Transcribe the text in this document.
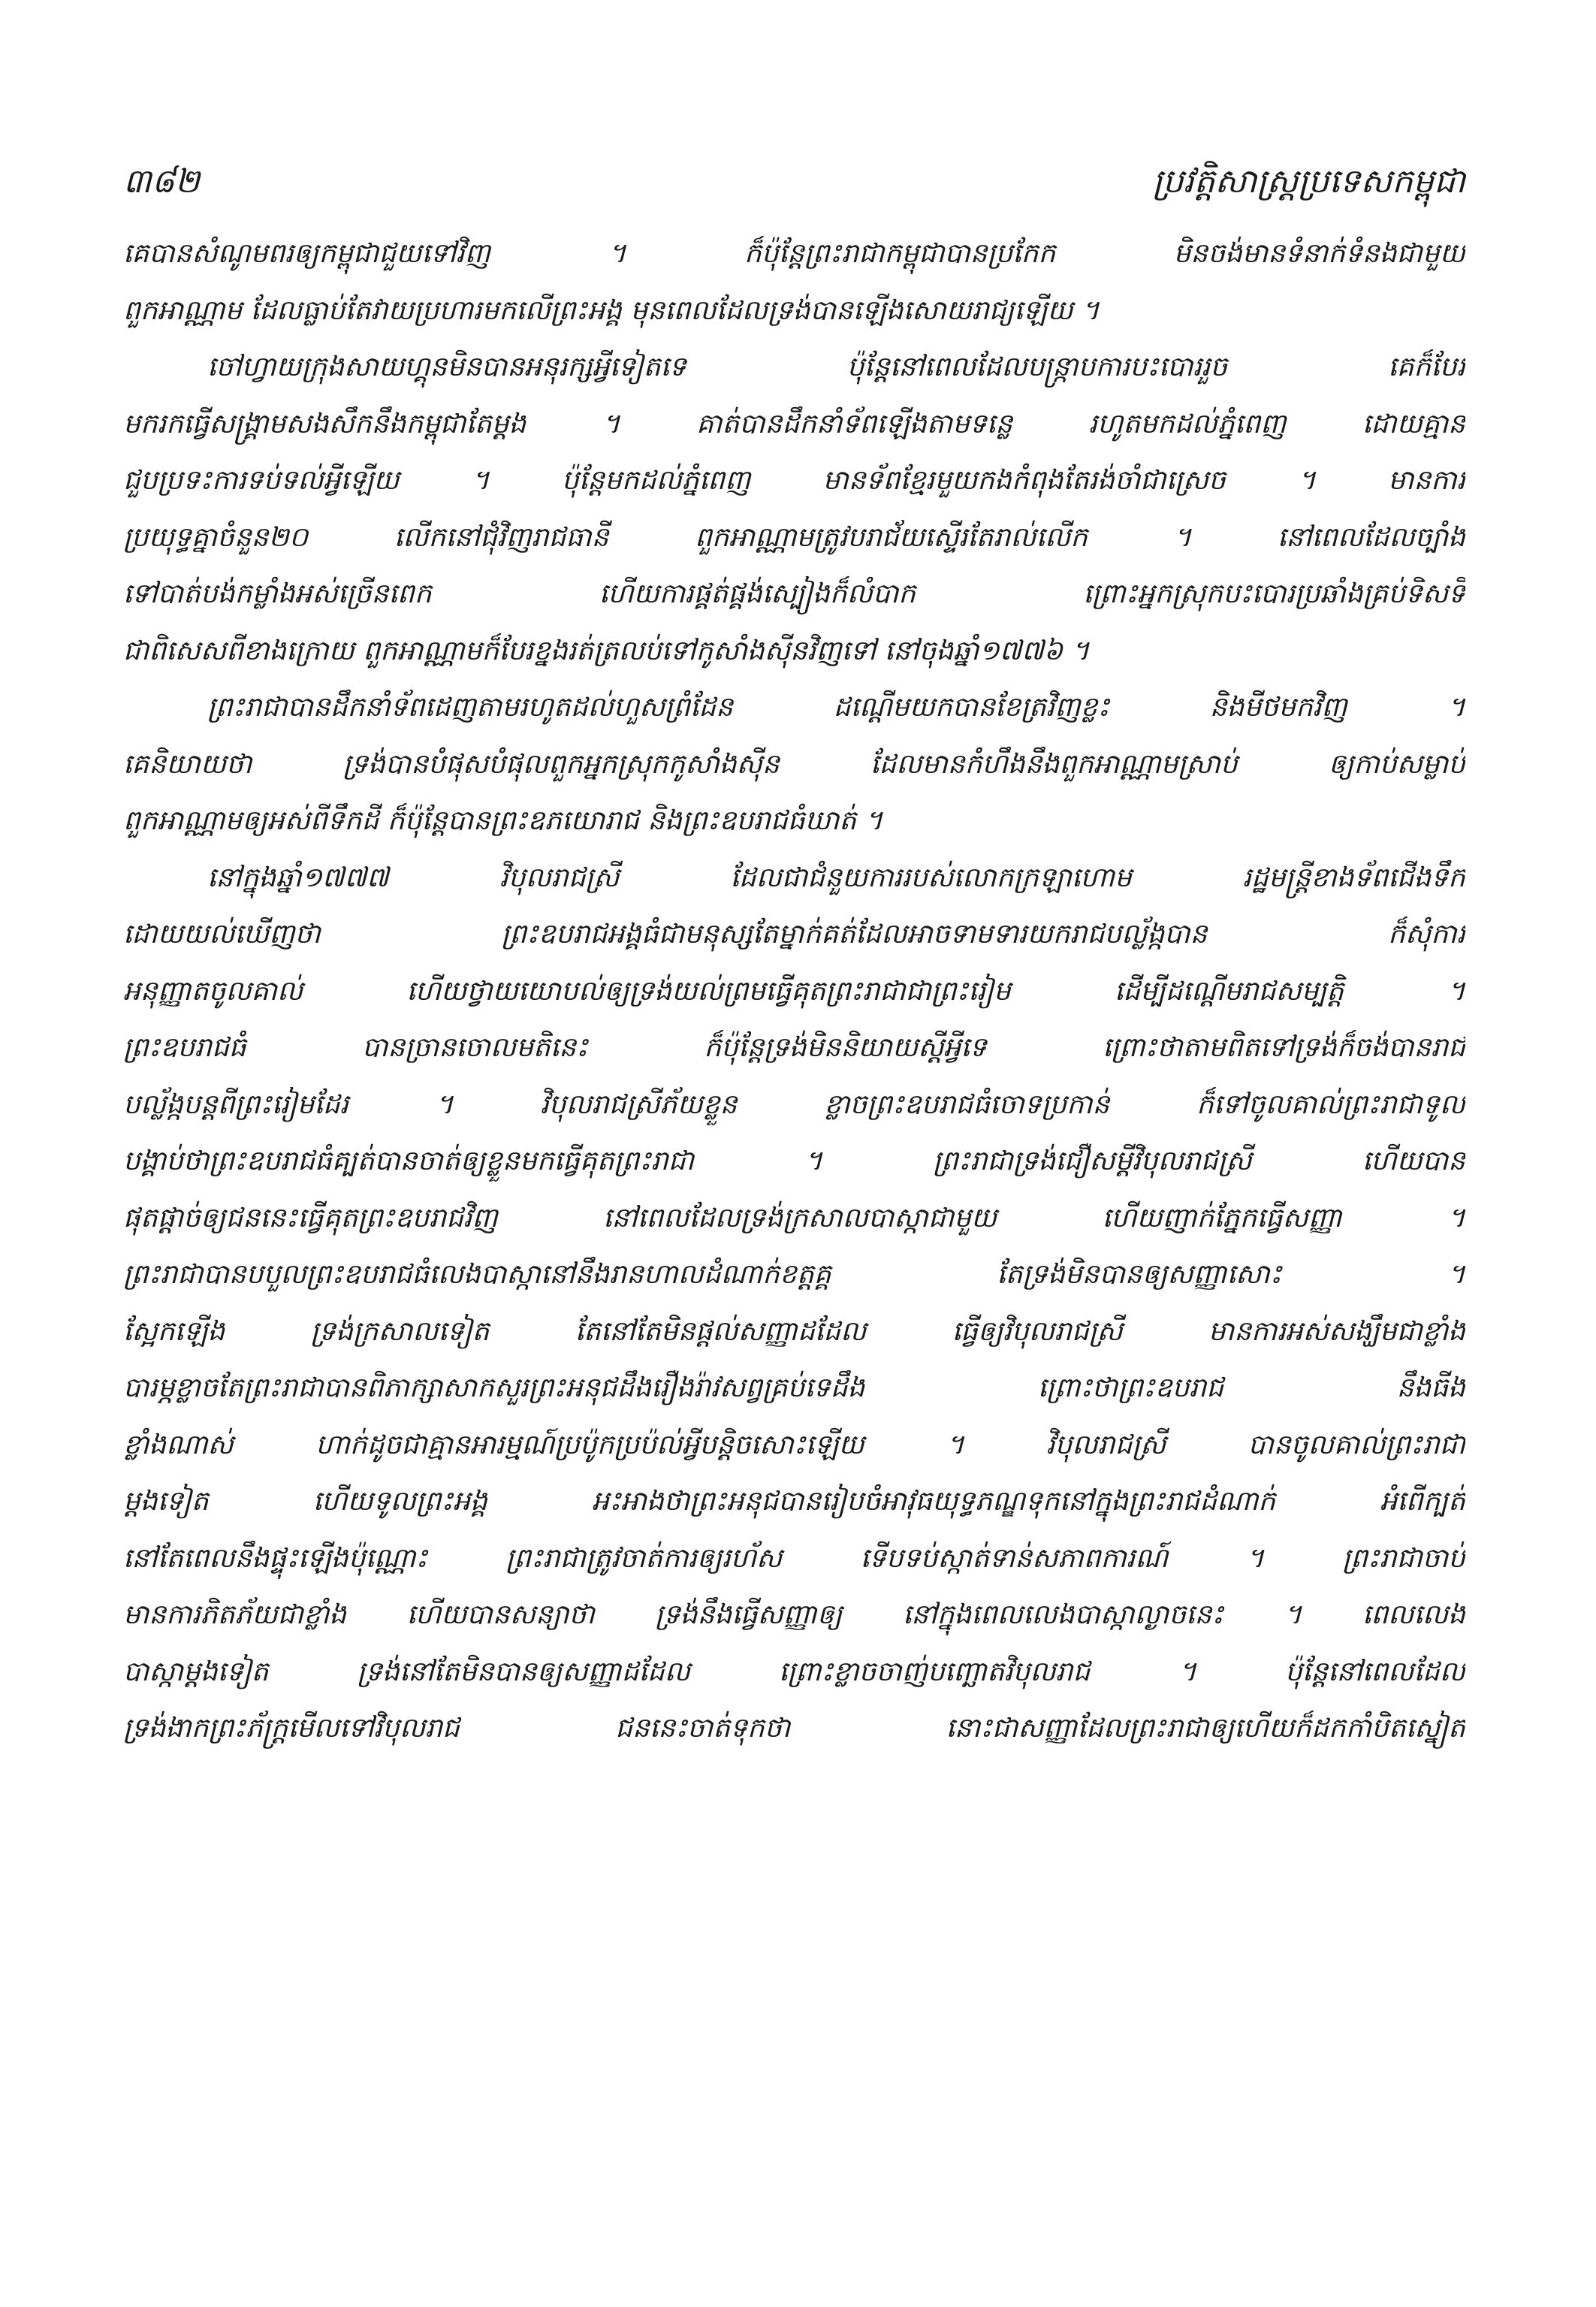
៣៨២	ប្រវត្តិសាស្ត្រប្រទេសកម្ពុជា

គេបានសំណូមពរឲ្យកម្ពុជាជួយទៅវិញ ។ ក៏ប៉ុន្តែព្រះរាជាកម្ពុជាបានប្រកែក មិនចង់មានទំនាក់ទំនងជាមួយ
ពួកអាណ្ណាម ដែលធ្លាប់តែវាយប្រហារមកលើព្រះអង្គ មុនពេលដែលទ្រង់បានឡើងសោយរាជ្យឡើយ ។

ចៅហ្វាយក្រុងសាយហ្គុនមិនបានអនុរក្សអ្វីទៀតទេ ប៉ុន្តែនៅពេលដែលបន្ក្រាបការបះបោររួច គេក៏បែរ
មករកធ្វើសង្គ្រាមសងសឹកនឹងកម្ពុជាតែម្តង ។ គាត់បានដឹកនាំទ័ពឡើងតាមទន្លេ រហូតមកដល់ភ្នំពេញ ដោយគ្មាន
ជួបប្រទះការទប់ទល់អ្វីឡើយ ។ ប៉ុន្តែមកដល់ភ្នំពេញ មានទ័ពខ្មែរមួយកងកំពុងតែរង់ចាំជាស្រេច ។ មានការ
ប្រយុទ្ធគ្នាចំនួន២០ លើកនៅជុំវិញរាជធានី ពួកអាណ្ណាមត្រូវបរាជ័យស្ទើរតែរាល់លើក ។ នៅពេលដែលច្បាំង
ទៅបាត់បង់កម្លាំងអស់ច្រើនពេក ហើយការផ្គត់ផ្គង់ស្បៀងក៏លំបាក ព្រោះអ្នកស្រុកបះបោរប្រឆាំងគ្រប់ទិសទី
ជាពិសេសពីខាងក្រោយ ពួកអាណ្ណាមក៏បែរខ្នងរត់ត្រលប់ទៅកូសាំងស៊ីនវិញទៅ នៅចុងឆ្នាំ១៧៧៦ ។

ព្រះរាជាបានដឹកនាំទ័ពដេញតាមរហូតដល់ហួសព្រំដែន ដណ្តើមយកបានខែត្រវិញខ្លះ និងមីថមកវិញ ។
គេនិយាយថា ទ្រង់បានបំផុសបំផុលពួកអ្នកស្រុកកូសាំងស៊ីន ដែលមានកំហឹងនឹងពួកអាណ្ណាមស្រាប់ ឲ្យកាប់សម្លាប់
ពួកអាណ្ណាមឲ្យអស់ពីទឹកដី ក៏ប៉ុន្តែបានព្រះឧភយោរាជ និងព្រះឧបរាជធំឃាត់ ។

នៅក្នុងឆ្នាំ១៧៧៧ វិបុលរាជស្រី ដែលជាជំនួយការរបស់លោកក្រឡាហោម រដ្ឋមន្ត្រីខាងទ័ពជើងទឹក
ដោយយល់ឃើញថា ព្រះឧបរាជអង្គធំជាមនុស្សតែម្នាក់គត់ដែលអាចទាមទារយករាជបល្ល័ង្កបាន ក៏សុំការ
អនុញ្ញាតចូលគាល់ ហើយថ្វាយយោបល់ឲ្យទ្រង់យល់ព្រមធ្វើគុតព្រះរាជាជាព្រះរៀម ដើម្បីដណ្តើមរាជសម្បត្តិ ។
ព្រះឧបរាជធំ បានច្រានចោលមតិនេះ ក៏ប៉ុន្តែទ្រង់មិននិយាយស្តីអ្វីទេ ព្រោះថាតាមពិតទៅទ្រង់ក៏ចង់បានរាជ
បល្ល័ង្កបន្តពីព្រះរៀមដែរ ។ វិបុលរាជស្រីភ័យខ្លួន ខ្លាចព្រះឧបរាជធំចោទប្រកាន់ ក៏ទៅចូលគាល់ព្រះរាជាទូល
បង្គាប់ថាព្រះឧបរាជធំគ្បត់បានចាត់ឲ្យខ្លួនមកធ្វើគុតព្រះរាជា ។ ព្រះរាជាទ្រង់ជឿសម្តីវិបុលរាជស្រី ហើយបាន
ផុតផ្តាច់ឲ្យជននេះធ្វើគុតព្រះឧបរាជវិញ នៅពេលដែលទ្រង់ក្រសាលបាស្កាជាមួយ ហើយញាក់ភ្នែកធ្វើសញ្ញា ។
ព្រះរាជាបានបបួលព្រះឧបរាជធំលេងបាស្កានៅនឹងរានហាលដំណាក់ខត្តគ្គ តែទ្រង់មិនបានឲ្យសញ្ញាសោះ ។
ស្អែកឡើង ទ្រង់ក្រសាលទៀត តែនៅតែមិនផ្តល់សញ្ញាដដែល ធ្វើឲ្យវិបុលរាជស្រី មានការអស់សង្ឃឹមជាខ្លាំង
បារម្ភខ្លាចតែព្រះរាជាបានពិភាក្សាសាកសួរព្រះអនុជដឹងរឿងរ៉ាវសព្វគ្រប់ទេដឹង ព្រោះថាព្រះឧបរាជ នឹងធីង
ខ្លាំងណាស់ ហាក់ដូចជាគ្មានអារម្មណ៍ប្រប៉ូកប្រប៉ល់អ្វីបន្តិចសោះឡើយ ។ វិបុលរាជស្រី បានចូលគាល់ព្រះរាជា
ម្តងទៀត ហើយទូលព្រះអង្គ អះអាងថាព្រះអនុជបានរៀបចំអាវុធយុទ្ធភណ្ឌទុកនៅក្នុងព្រះរាជដំណាក់ អំពើក្បត់
នៅតែពេលនឹងផ្ទុះឡើងប៉ុណ្ណោះ ព្រះរាជាត្រូវចាត់ការឲ្យរហ័ស ទើបទប់ស្កាត់ទាន់សភាពការណ៍ ។ ព្រះរាជាចាប់
មានការភិតភ័យជាខ្លាំង ហើយបានសន្យាថា ទ្រង់នឹងធ្វើសញ្ញាឲ្យ នៅក្នុងពេលលេងបាស្កាល្ងាចនេះ ។ ពេលលេង
បាស្កាម្តងទៀត ទ្រង់នៅតែមិនបានឲ្យសញ្ញាដដែល ព្រោះខ្លាចចាញ់បញ្ឆោតវិបុលរាជ ។ ប៉ុន្តែនៅពេលដែល
ទ្រង់ងាកព្រះភ័ក្ត្រមើលទៅវិបុលរាជ ជននេះចាត់ទុកថា នោះជាសញ្ញាដែលព្រះរាជាឲ្យហើយក៏ដកកាំបិតស្នៀត
